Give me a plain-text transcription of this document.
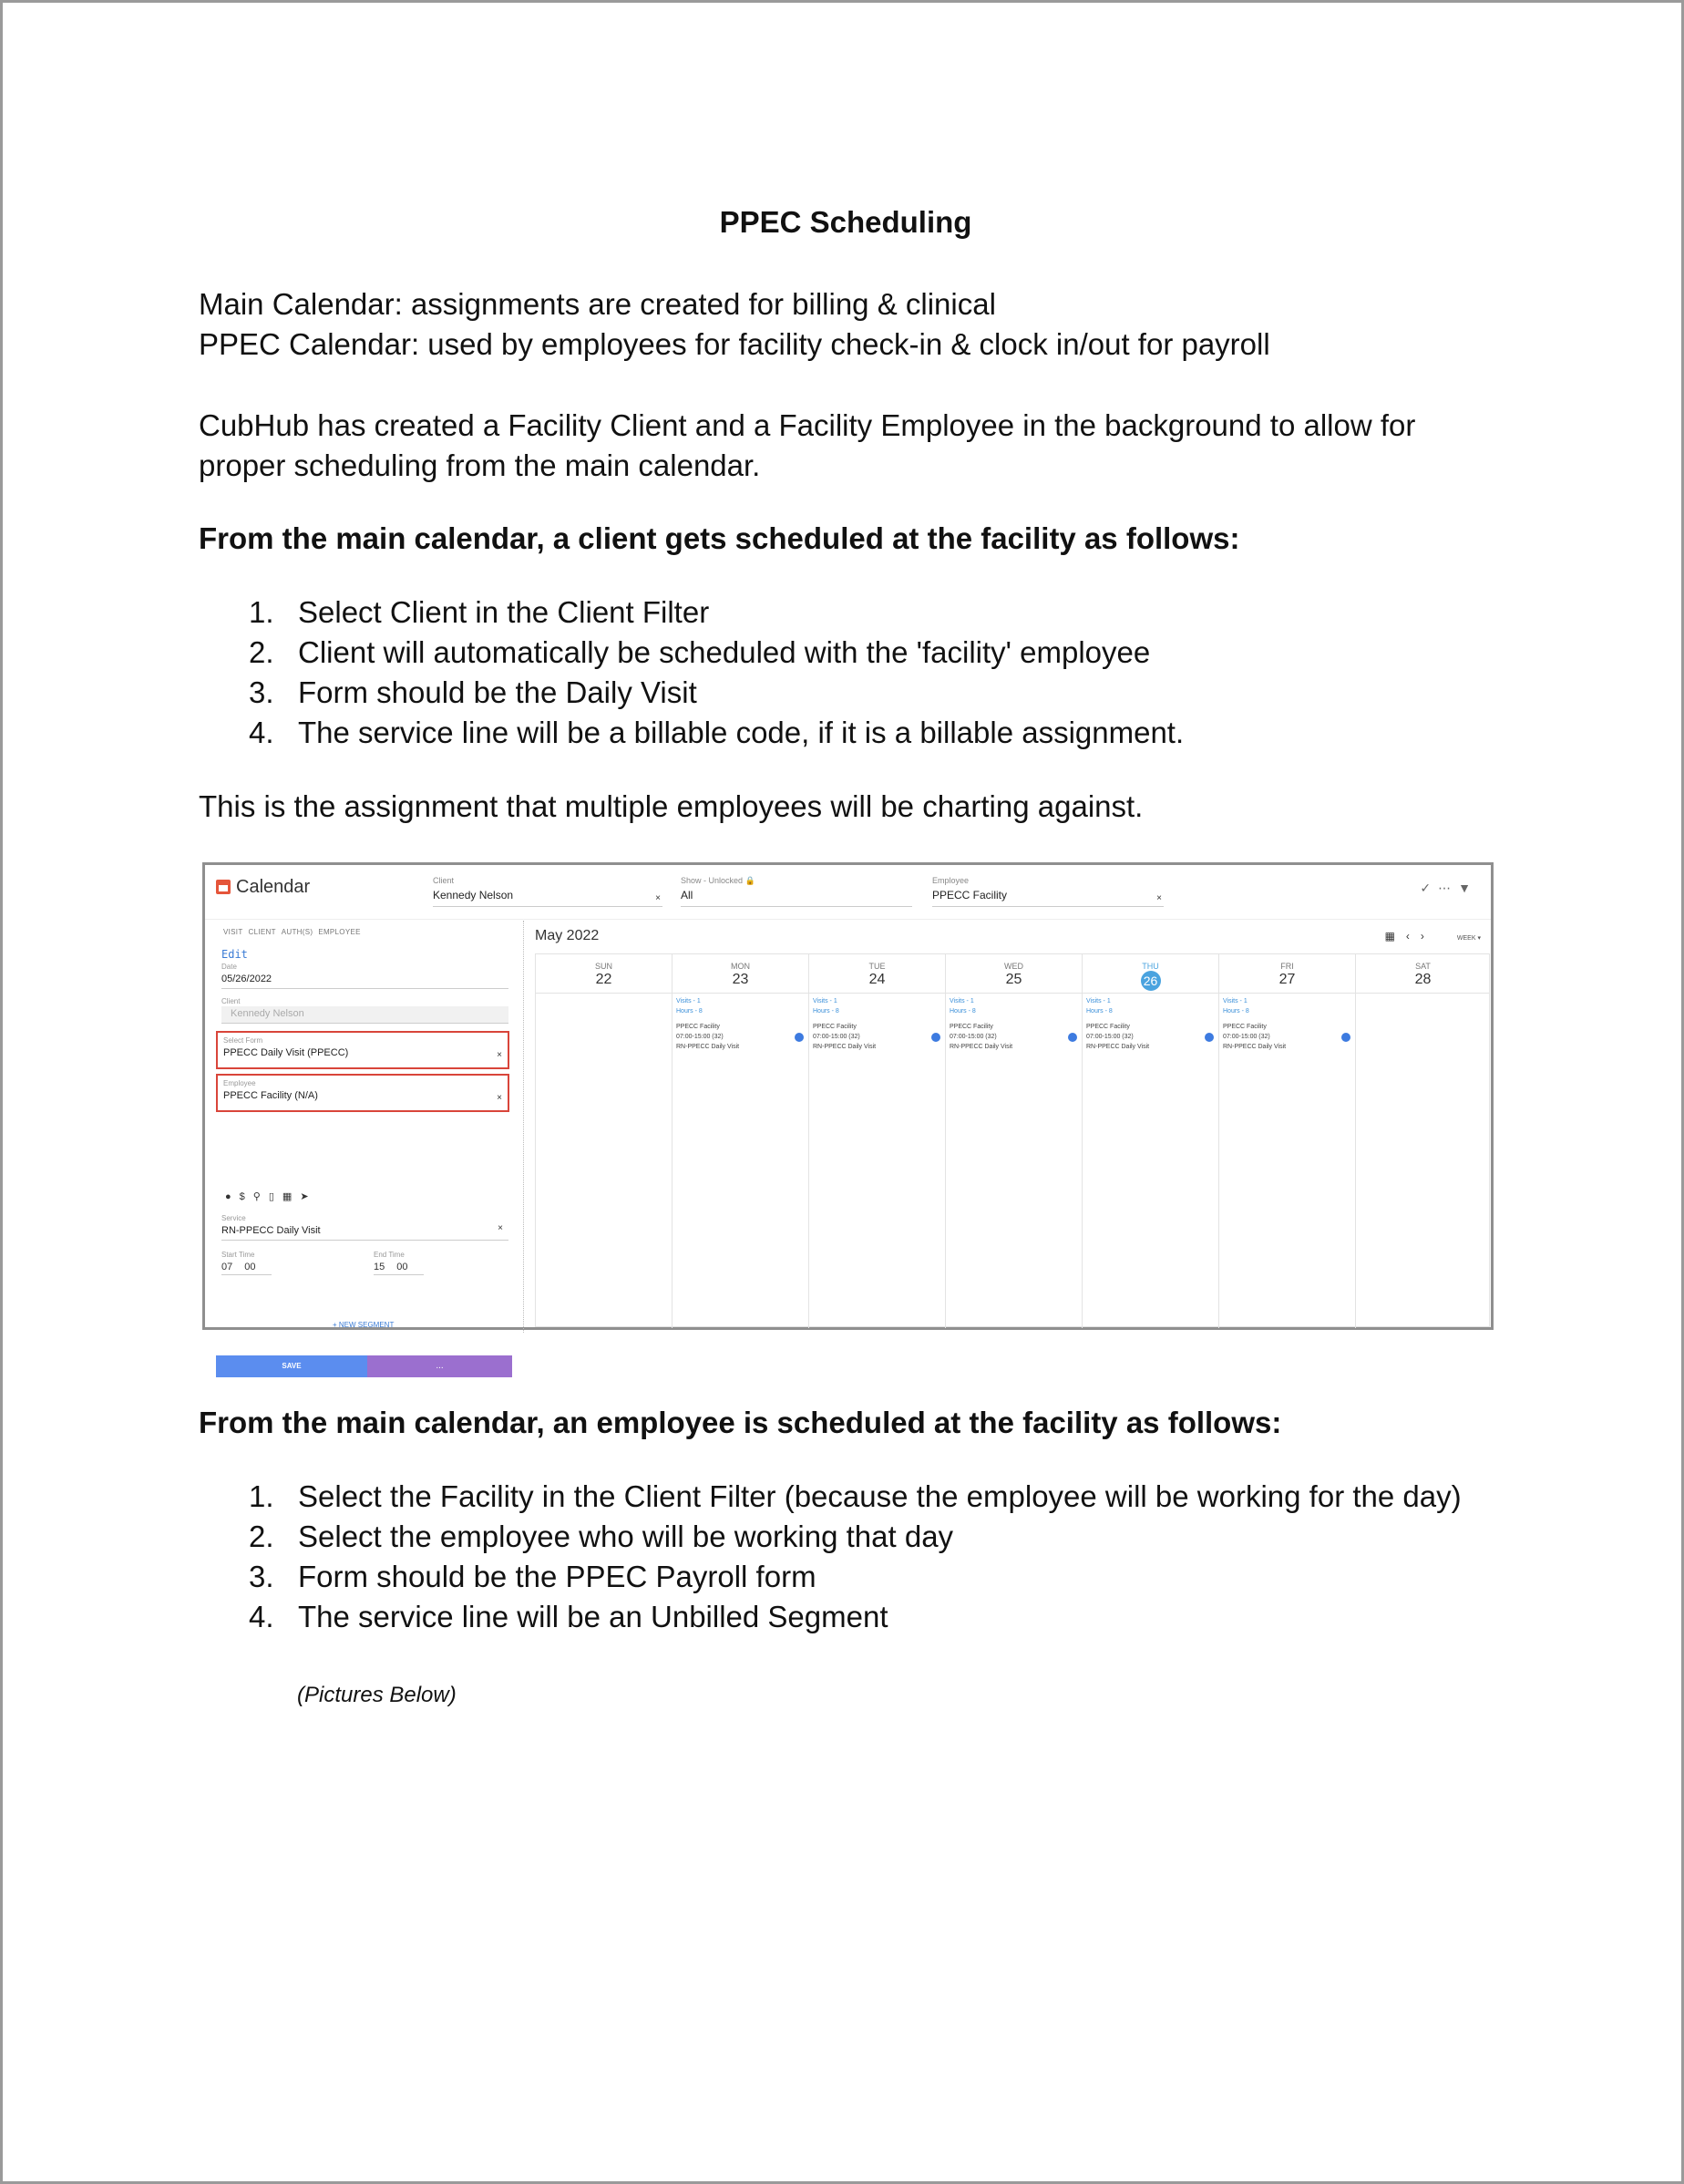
PPEC Scheduling
Main Calendar: assignments are created for billing & clinical
PPEC Calendar: used by employees for facility check-in & clock in/out for payroll
CubHub has created a Facility Client and a Facility Employee in the background to allow for
proper scheduling from the main calendar.
From the main calendar, a client gets scheduled at the facility as follows:
1. Select Client in the Client Filter
2. Client will automatically be scheduled with the 'facility' employee
3. Form should be the Daily Visit
4. The service line will be a billable code, if it is a billable assignment.
This is the assignment that multiple employees will be charting against.
From the main calendar, an employee is scheduled at the facility as follows:
1. Select the Facility in the Client Filter (because the employee will be working for the day)
2. Select the employee who will be working that day
3. Form should be the PPEC Payroll form
4. The service line will be an Unbilled Segment
(Pictures Below)
Calendar	Client
Kennedy Nelson	×
Show - Unlocked 🔒
All
Employee
PPECC Facility	×
✓⋯▼
VISIT CLIENT AUTH(S) EMPLOYEE
Edit
Date
05/26/2022
Client
Kennedy Nelson
Select Form
PPECC Daily Visit (PPECC)	×
Employee
PPECC Facility (N/A)	×
●$⚲▯▦➤
Service
RN-PPECC Daily Visit	×
Start Time
07 00
End Time
15 00
+ NEW SEGMENT
SAVE	...
May 2022	▦ ‹ ›	WEEK ▾
SUN
22
MON
23
Visits - 1
Hours - 8
PPECC Facility
07:00-15:00 (32)
RN-PPECC Daily Visit
TUE
24
Visits - 1
Hours - 8
PPECC Facility
07:00-15:00 (32)
RN-PPECC Daily Visit
WED
25
Visits - 1
Hours - 8
PPECC Facility
07:00-15:00 (32)
RN-PPECC Daily Visit
THU
26
Visits - 1
Hours - 8
PPECC Facility
07:00-15:00 (32)
RN-PPECC Daily Visit
FRI
27
Visits - 1
Hours - 8
PPECC Facility
07:00-15:00 (32)
RN-PPECC Daily Visit
SAT
28
